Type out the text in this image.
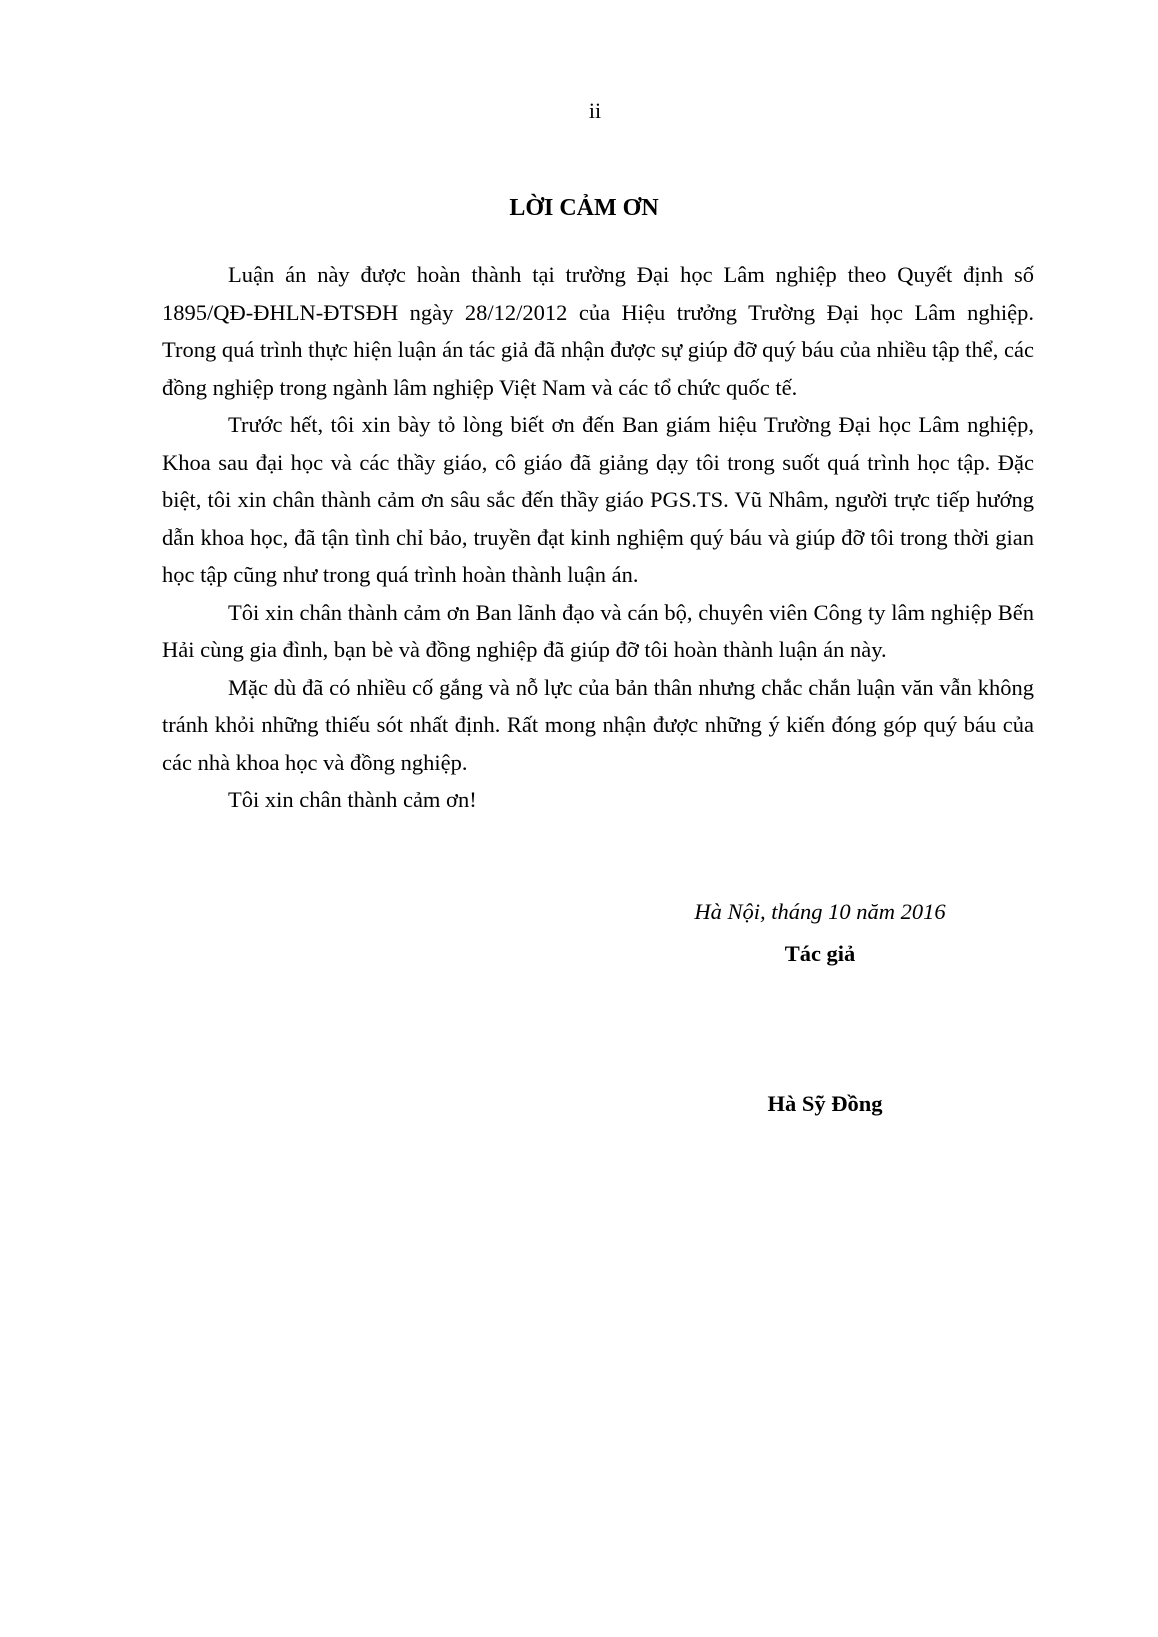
ii
LỜI CẢM ƠN

Luận án này được hoàn thành tại trường Đại học Lâm nghiệp theo Quyết định số 1895/QĐ-ĐHLN-ĐTSĐH ngày 28/12/2012 của Hiệu trưởng Trường Đại học Lâm nghiệp. Trong quá trình thực hiện luận án tác giả đã nhận được sự giúp đỡ quý báu của nhiều tập thể, các đồng nghiệp trong ngành lâm nghiệp Việt Nam và các tổ chức quốc tế.

Trước hết, tôi xin bày tỏ lòng biết ơn đến Ban giám hiệu Trường Đại học Lâm nghiệp, Khoa sau đại học và các thầy giáo, cô giáo đã giảng dạy tôi trong suốt quá trình học tập. Đặc biệt, tôi xin chân thành cảm ơn sâu sắc đến thầy giáo PGS.TS. Vũ Nhâm, người trực tiếp hướng dẫn khoa học, đã tận tình chỉ bảo, truyền đạt kinh nghiệm quý báu và giúp đỡ tôi trong thời gian học tập cũng như trong quá trình hoàn thành luận án.

Tôi xin chân thành cảm ơn Ban lãnh đạo và cán bộ, chuyên viên Công ty lâm nghiệp Bến Hải cùng gia đình, bạn bè và đồng nghiệp đã giúp đỡ tôi hoàn thành luận án này.

Mặc dù đã có nhiều cố gắng và nỗ lực của bản thân nhưng chắc chắn luận văn vẫn không tránh khỏi những thiếu sót nhất định. Rất mong nhận được những ý kiến đóng góp quý báu của các nhà khoa học và đồng nghiệp.

Tôi xin chân thành cảm ơn!

Hà Nội, tháng 10 năm 2016
Tác giả
Hà Sỹ Đồng
